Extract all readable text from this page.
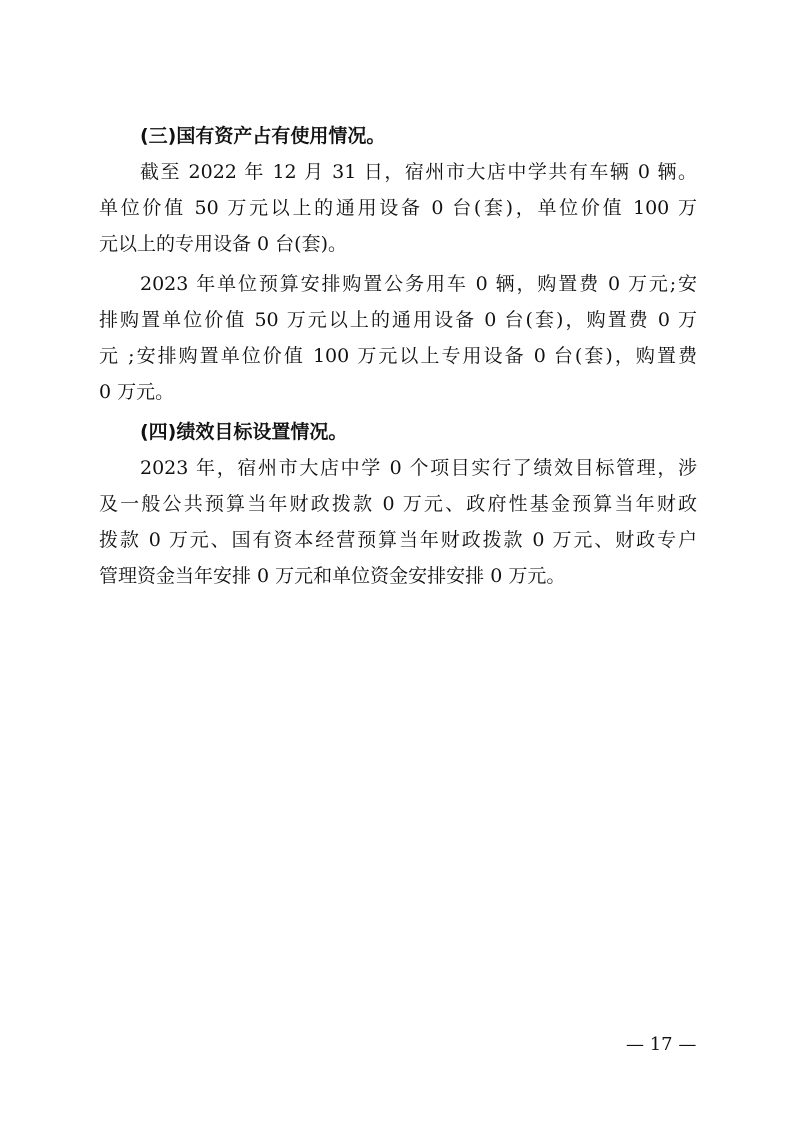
(三)国有资产占有使用情况。
截至 2022 年 12 月 31 日，宿州市大店中学共有车辆 0 辆。
单位价值 50 万元以上的通用设备 0 台(套)，单位价值 100 万
元以上的专用设备 0 台(套)。
2023 年单位预算安排购置公务用车 0 辆，购置费 0 万元;安
排购置单位价值 50 万元以上的通用设备 0 台(套)，购置费 0 万
元 ;安排购置单位价值 100 万元以上专用设备 0 台(套)，购置费
0 万元。
(四)绩效目标设置情况。
2023 年，宿州市大店中学 0 个项目实行了绩效目标管理，涉
及一般公共预算当年财政拨款 0 万元、政府性基金预算当年财政
拨款 0 万元、国有资本经营预算当年财政拨款 0 万元、财政专户
管理资金当年安排 0 万元和单位资金安排安排 0 万元。
— 17 —
